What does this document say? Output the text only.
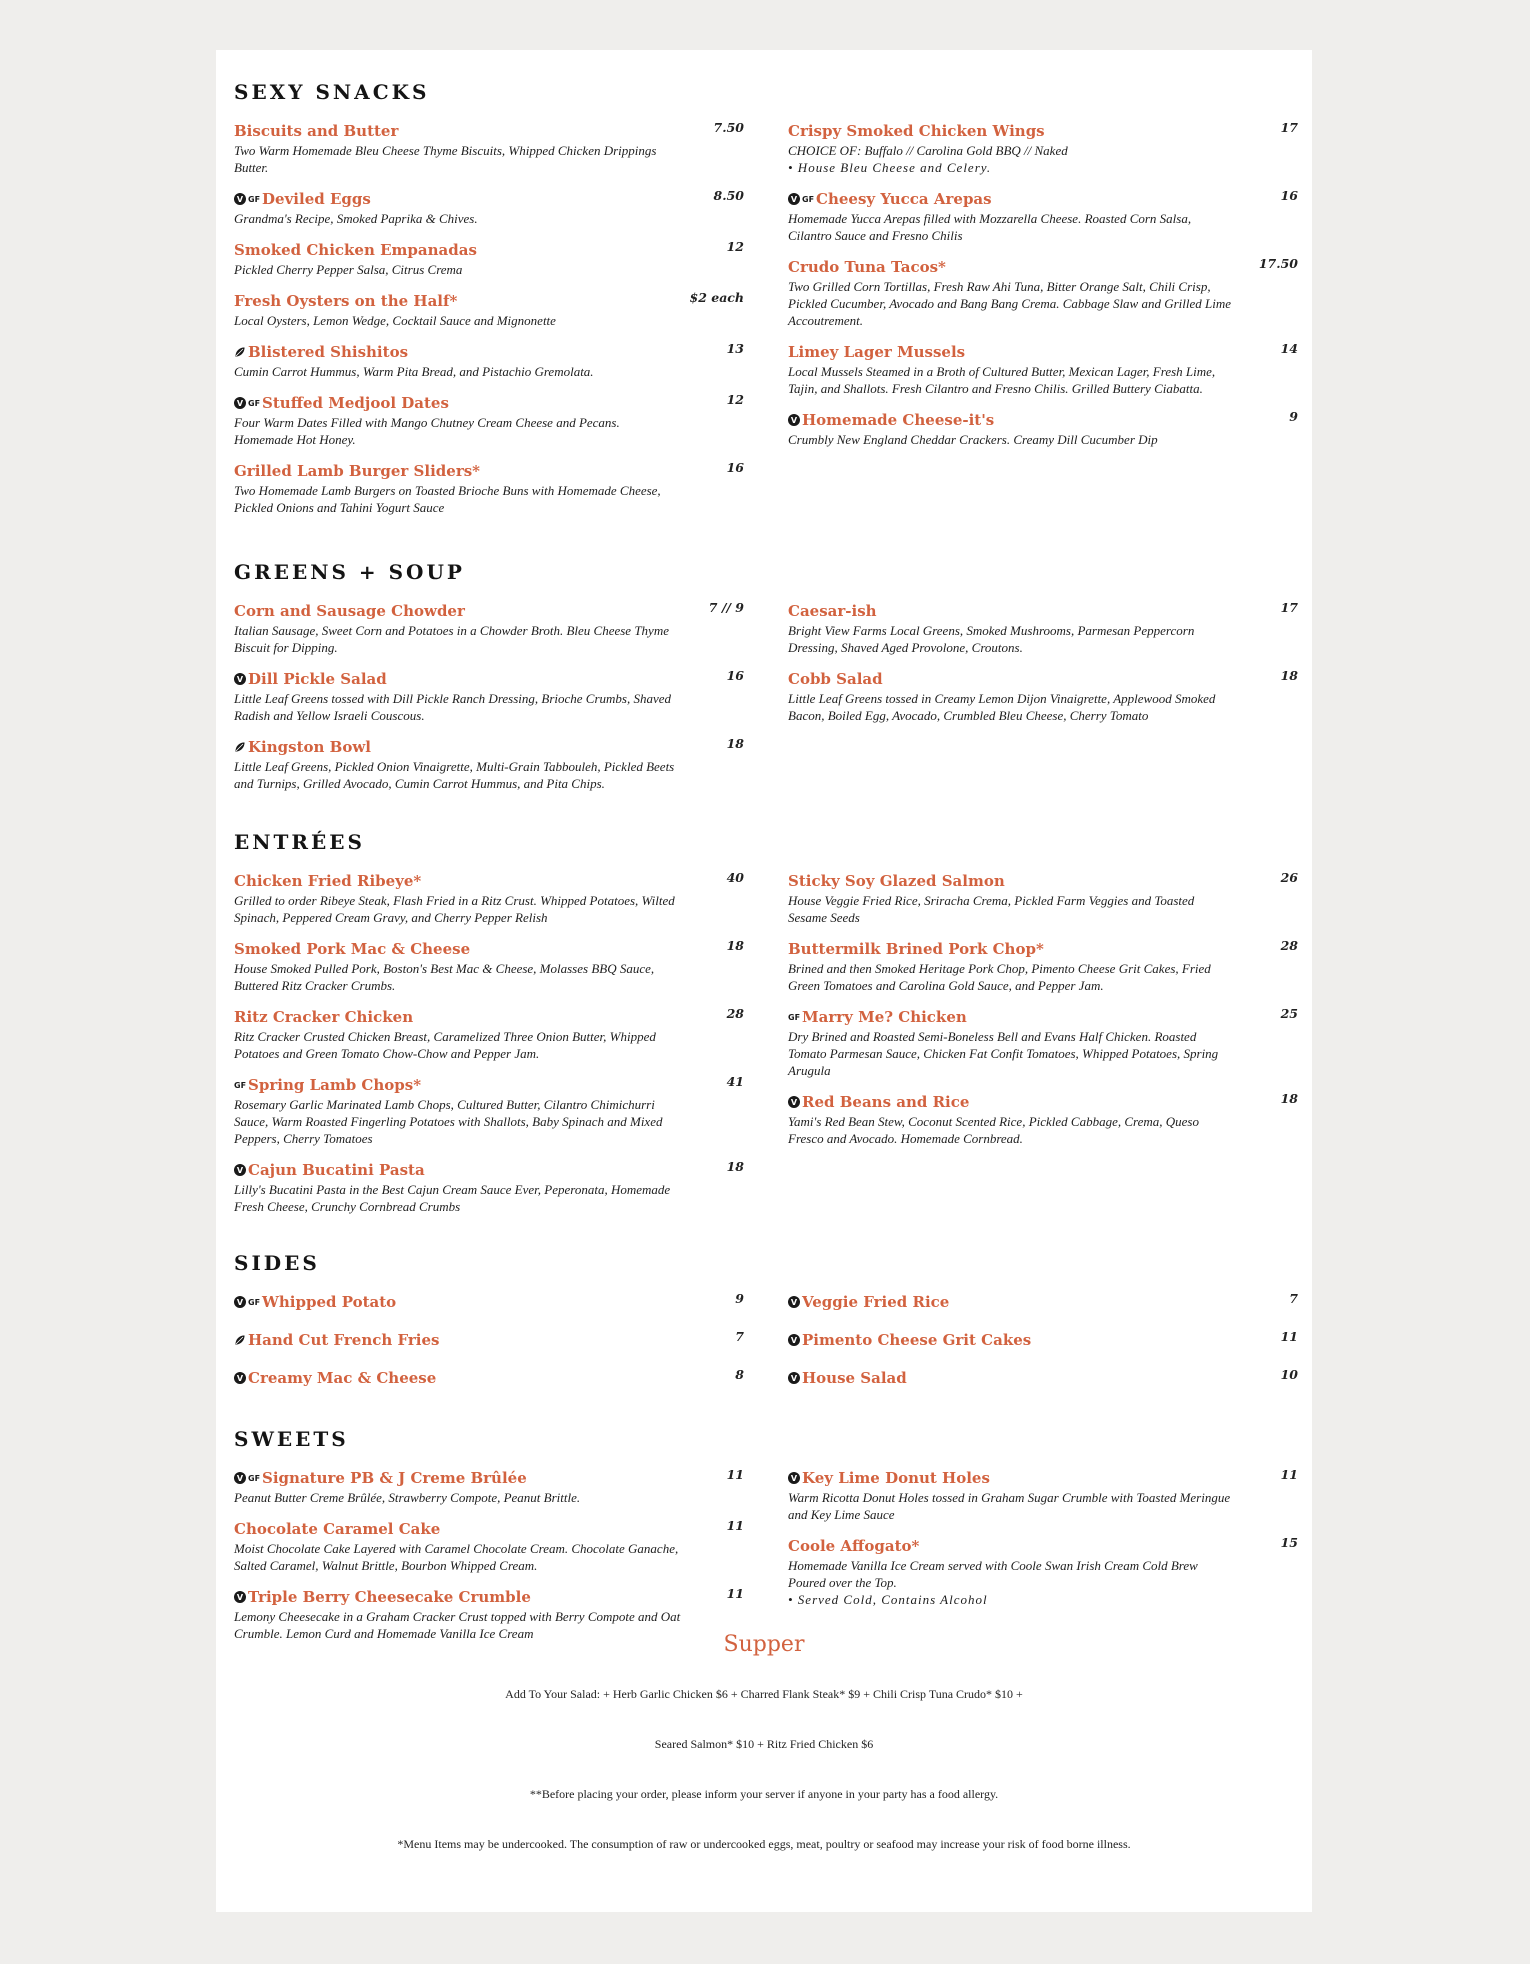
SEXY SNACKS
Biscuits and Butter	7.50
Two Warm Homemade Bleu Cheese Thyme Biscuits, Whipped Chicken Drippings Butter.
V GF Deviled Eggs	8.50
Grandma's Recipe, Smoked Paprika & Chives.
Smoked Chicken Empanadas	12
Pickled Cherry Pepper Salsa, Citrus Crema
Fresh Oysters on the Half*	$2 each
Local Oysters, Lemon Wedge, Cocktail Sauce and Mignonette
Blistered Shishitos	13
Cumin Carrot Hummus, Warm Pita Bread, and Pistachio Gremolata.
V GF Stuffed Medjool Dates	12
Four Warm Dates Filled with Mango Chutney Cream Cheese and Pecans. Homemade Hot Honey.
Grilled Lamb Burger Sliders*	16
Two Homemade Lamb Burgers on Toasted Brioche Buns with Homemade Cheese, Pickled Onions and Tahini Yogurt Sauce
Crispy Smoked Chicken Wings	17
CHOICE OF: Buffalo // Carolina Gold BBQ // Naked
• House Bleu Cheese and Celery.
V GF Cheesy Yucca Arepas	16
Homemade Yucca Arepas filled with Mozzarella Cheese. Roasted Corn Salsa, Cilantro Sauce and Fresno Chilis
Crudo Tuna Tacos*	17.50
Two Grilled Corn Tortillas, Fresh Raw Ahi Tuna, Bitter Orange Salt, Chili Crisp, Pickled Cucumber, Avocado and Bang Bang Crema. Cabbage Slaw and Grilled Lime Accoutrement.
Limey Lager Mussels	14
Local Mussels Steamed in a Broth of Cultured Butter, Mexican Lager, Fresh Lime, Tajin, and Shallots. Fresh Cilantro and Fresno Chilis. Grilled Buttery Ciabatta.
V Homemade Cheese-it's	9
Crumbly New England Cheddar Crackers. Creamy Dill Cucumber Dip
GREENS + SOUP
Corn and Sausage Chowder	7 // 9
Italian Sausage, Sweet Corn and Potatoes in a Chowder Broth. Bleu Cheese Thyme Biscuit for Dipping.
V Dill Pickle Salad	16
Little Leaf Greens tossed with Dill Pickle Ranch Dressing, Brioche Crumbs, Shaved Radish and Yellow Israeli Couscous.
Kingston Bowl	18
Little Leaf Greens, Pickled Onion Vinaigrette, Multi-Grain Tabbouleh, Pickled Beets and Turnips, Grilled Avocado, Cumin Carrot Hummus, and Pita Chips.
Caesar-ish	17
Bright View Farms Local Greens, Smoked Mushrooms, Parmesan Peppercorn Dressing, Shaved Aged Provolone, Croutons.
Cobb Salad	18
Little Leaf Greens tossed in Creamy Lemon Dijon Vinaigrette, Applewood Smoked Bacon, Boiled Egg, Avocado, Crumbled Bleu Cheese, Cherry Tomato
ENTRÉES
Chicken Fried Ribeye*	40
Grilled to order Ribeye Steak, Flash Fried in a Ritz Crust. Whipped Potatoes, Wilted Spinach, Peppered Cream Gravy, and Cherry Pepper Relish
Smoked Pork Mac & Cheese	18
House Smoked Pulled Pork, Boston's Best Mac & Cheese, Molasses BBQ Sauce, Buttered Ritz Cracker Crumbs.
Ritz Cracker Chicken	28
Ritz Cracker Crusted Chicken Breast, Caramelized Three Onion Butter, Whipped Potatoes and Green Tomato Chow-Chow and Pepper Jam.
GF Spring Lamb Chops*	41
Rosemary Garlic Marinated Lamb Chops, Cultured Butter, Cilantro Chimichurri Sauce, Warm Roasted Fingerling Potatoes with Shallots, Baby Spinach and Mixed Peppers, Cherry Tomatoes
V Cajun Bucatini Pasta	18
Lilly's Bucatini Pasta in the Best Cajun Cream Sauce Ever, Peperonata, Homemade Fresh Cheese, Crunchy Cornbread Crumbs
Sticky Soy Glazed Salmon	26
House Veggie Fried Rice, Sriracha Crema, Pickled Farm Veggies and Toasted Sesame Seeds
Buttermilk Brined Pork Chop*	28
Brined and then Smoked Heritage Pork Chop, Pimento Cheese Grit Cakes, Fried Green Tomatoes and Carolina Gold Sauce, and Pepper Jam.
GF Marry Me? Chicken	25
Dry Brined and Roasted Semi-Boneless Bell and Evans Half Chicken. Roasted Tomato Parmesan Sauce, Chicken Fat Confit Tomatoes, Whipped Potatoes, Spring Arugula
V Red Beans and Rice	18
Yami's Red Bean Stew, Coconut Scented Rice, Pickled Cabbage, Crema, Queso Fresco and Avocado. Homemade Cornbread.
SIDES
V GF Whipped Potato	9
Hand Cut French Fries	7
V Creamy Mac & Cheese	8
V Veggie Fried Rice	7
V Pimento Cheese Grit Cakes	11
V House Salad	10
SWEETS
V GF Signature PB & J Creme Brûlée	11
Peanut Butter Creme Brûlée, Strawberry Compote, Peanut Brittle.
Chocolate Caramel Cake	11
Moist Chocolate Cake Layered with Caramel Chocolate Cream. Chocolate Ganache, Salted Caramel, Walnut Brittle, Bourbon Whipped Cream.
V Triple Berry Cheesecake Crumble	11
Lemony Cheesecake in a Graham Cracker Crust topped with Berry Compote and Oat Crumble. Lemon Curd and Homemade Vanilla Ice Cream
V Key Lime Donut Holes	11
Warm Ricotta Donut Holes tossed in Graham Sugar Crumble with Toasted Meringue and Key Lime Sauce
Coole Affogato*	15
Homemade Vanilla Ice Cream served with Coole Swan Irish Cream Cold Brew Poured over the Top.
• Served Cold, Contains Alcohol
Supper
Add To Your Salad: + Herb Garlic Chicken $6 + Charred Flank Steak* $9 + Chili Crisp Tuna Crudo* $10 +
Seared Salmon* $10 + Ritz Fried Chicken $6
**Before placing your order, please inform your server if anyone in your party has a food allergy.
*Menu Items may be undercooked. The consumption of raw or undercooked eggs, meat, poultry or seafood may increase your risk of food borne illness.
